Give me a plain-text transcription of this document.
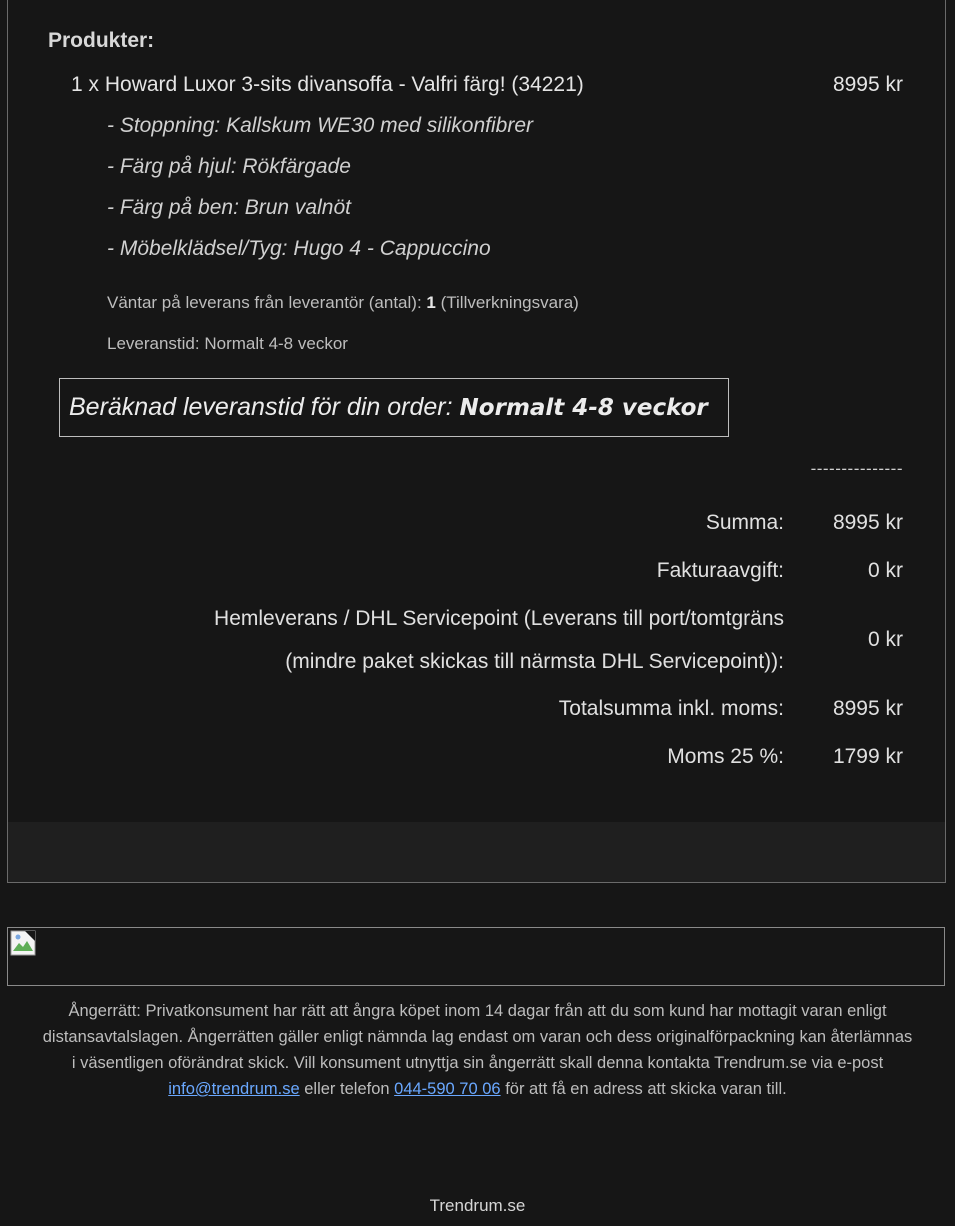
Produkter:
1 x Howard Luxor 3-sits divansoffa - Valfri färg! (34221)	8995 kr
- Stoppning: Kallskum WE30 med silikonfibrer
- Färg på hjul: Rökfärgade
- Färg på ben: Brun valnöt
- Möbelklädsel/Tyg: Hugo 4 - Cappuccino
Väntar på leverans från leverantör (antal): 1 (Tillverkningsvara)
Leveranstid: Normalt 4-8 veckor
Beräknad leveranstid för din order: Normalt 4-8 veckor
---------------
Summa: 8995 kr
Fakturaavgift:	0 kr
Hemleverans / DHL Servicepoint (Leverans till port/tomtgräns
(mindre paket skickas till närmsta DHL Servicepoint)):
0 kr
Totalsumma inkl. moms: 8995 kr
Moms 25 %: 1799 kr
Ångerrätt: Privatkonsument har rätt att ångra köpet inom 14 dagar från att du som kund har mottagit varan enligt distansavtalslagen. Ångerrätten gäller enligt nämnda lag endast om varan och dess originalförpackning kan återlämnas i väsentligen oförändrat skick. Vill konsument utnyttja sin ångerrätt skall denna kontakta Trendrum.se via e-post info@trendrum.se eller telefon 044-590 70 06 för att få en adress att skicka varan till.
Trendrum.se
